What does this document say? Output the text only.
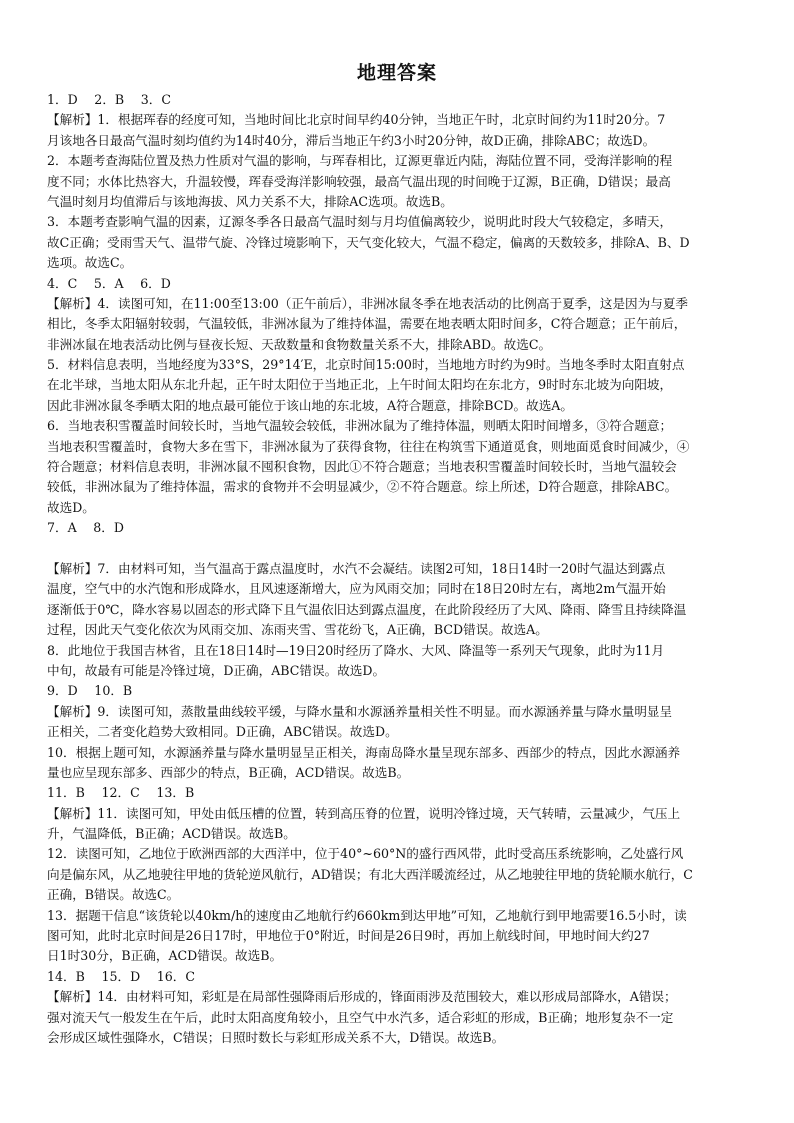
地理答案
1．D　 2．B　 3．C
【解析】1．根据珲春的经度可知，当地时间比北京时间早约40分钟，当地正午时，北京时间约为11时20分。7
月该地各日最高气温时刻均值约为14时40分，滞后当地正午约3小时20分钟，故D正确，排除ABC；故选D。
2．本题考查海陆位置及热力性质对气温的影响，与珲春相比，辽源更靠近内陆，海陆位置不同，受海洋影响的程
度不同；水体比热容大，升温较慢，珲春受海洋影响较强，最高气温出现的时间晚于辽源，B正确，D错误；最高
气温时刻月均值滞后与该地海拔、风力关系不大，排除AC选项。故选B。
3．本题考查影响气温的因素，辽源冬季各日最高气温时刻与月均值偏离较少，说明此时段大气较稳定，多晴天，
故C正确；受雨雪天气、温带气旋、冷锋过境影响下，天气变化较大，气温不稳定，偏离的天数较多，排除A、B、D
选项。故选C。
4．C　 5．A　 6．D
【解析】4．读图可知，在11:00至13:00（正午前后），非洲冰鼠冬季在地表活动的比例高于夏季，这是因为与夏季
相比，冬季太阳辐射较弱，气温较低，非洲冰鼠为了维持体温，需要在地表晒太阳时间多，C符合题意；正午前后，
非洲冰鼠在地表活动比例与昼夜长短、天敌数量和食物数量关系不大，排除ABD。故选C。
5．材料信息表明，当地经度为33°S，29°14′E，北京时间15:00时，当地地方时约为9时。当地冬季时太阳直射点
在北半球，当地太阳从东北升起，正午时太阳位于当地正北，上午时间太阳均在东北方，9时时东北坡为向阳坡，
因此非洲冰鼠冬季晒太阳的地点最可能位于该山地的东北坡，A符合题意，排除BCD。故选A。
6．当地表积雪覆盖时间较长时，当地气温较会较低，非洲冰鼠为了维持体温，则晒太阳时间增多，③符合题意；
当地表积雪覆盖时，食物大多在雪下，非洲冰鼠为了获得食物，往往在构筑雪下通道觅食，则地面觅食时间减少，④
符合题意；材料信息表明，非洲冰鼠不囤积食物，因此①不符合题意；当地表积雪覆盖时间较长时，当地气温较会
较低，非洲冰鼠为了维持体温，需求的食物并不会明显减少，②不符合题意。综上所述，D符合题意，排除ABC。
故选D。
7．A　 8．D
【解析】7．由材料可知，当气温高于露点温度时，水汽不会凝结。读图2可知，18日14时一20时气温达到露点
温度，空气中的水汽饱和形成降水，且风速逐渐增大，应为风雨交加；同时在18日20时左右，离地2m气温开始
逐渐低于0℃，降水容易以固态的形式降下且气温依旧达到露点温度，在此阶段经历了大风、降雨、降雪且持续降温
过程，因此天气变化依次为风雨交加、冻雨夹雪、雪花纷飞，A正确，BCD错误。故选A。
8．此地位于我国吉林省，且在18日14时—19日20时经历了降水、大风、降温等一系列天气现象，此时为11月
中旬，故最有可能是冷锋过境，D正确，ABC错误。故选D。
9．D　 10．B
【解析】9．读图可知，蒸散量曲线较平缓，与降水量和水源涵养量相关性不明显。而水源涵养量与降水量明显呈
正相关，二者变化趋势大致相同。D正确，ABC错误。故选D。
10．根据上题可知，水源涵养量与降水量明显呈正相关，海南岛降水量呈现东部多、西部少的特点，因此水源涵养
量也应呈现东部多、西部少的特点，B正确，ACD错误。故选B。
11．B　 12．C　 13．B
【解析】11．读图可知，甲处由低压槽的位置，转到高压脊的位置，说明冷锋过境，天气转晴，云量减少，气压上
升，气温降低，B正确；ACD错误。故选B。
12．读图可知，乙地位于欧洲西部的大西洋中，位于40°~60°N的盛行西风带，此时受高压系统影响，乙处盛行风
向是偏东风，从乙地驶往甲地的货轮逆风航行，AD错误；有北大西洋暖流经过，从乙地驶往甲地的货轮顺水航行，C
正确，B错误。故选C。
13．据题干信息“该货轮以40km/h的速度由乙地航行约660km到达甲地”可知，乙地航行到甲地需要16.5小时，读
图可知，此时北京时间是26日17时，甲地位于0°附近，时间是26日9时，再加上航线时间，甲地时间大约27
日1时30分，B正确，ACD错误。故选B。
14．B　 15．D　 16．C
【解析】14．由材料可知，彩虹是在局部性强降雨后形成的，锋面雨涉及范围较大，难以形成局部降水，A错误；
强对流天气一般发生在午后，此时太阳高度角较小，且空气中水汽多，适合彩虹的形成，B正确；地形复杂不一定
会形成区域性强降水，C错误；日照时数长与彩虹形成关系不大，D错误。故选B。
